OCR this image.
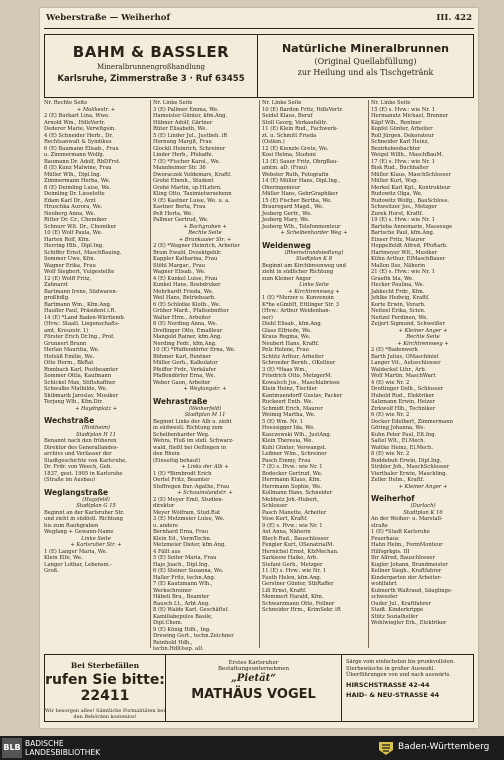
Weberstraße — Weiherhof	III. 422
BAHM & BASSLER
Mineralbrunnengroßhandlung
Karlsruhe, Zimmerstraße 3 · Ruf 63455
Natürliche Mineralbrunnen
(Original Quellabfüllung)
zur Heilung und als Tischgetränk
Nr. Rechte Seite
+ Molikestr. +
2 (E) Burkart Lina, Wwe.
Arnold Wm., HdlsVertr.
Dederer Marie, Verwltgsin.
4 (E) Schneider Herb., Dr.
Rechtsanwalt & Syndikus
6 (E) Baumann Elisab., Frau
u. Zimmermann Wolfg.
Baumann Dr. Adolf, RbDFrst.
8 (E) Kunz Malwine, Frau
Müller Wlh., Dipl.Ing.
Zimmermann Herba, We.
8 (E) Deimling Luise, We.
Deimling Dr. Lieselotte
Edam Karl Dr., Arzt
Hruschka Aurora, We.
Neuberg Anna, We.
Ritter Dr. Cr., Chemiker
Schnurr Wlt. Dr., Chemiker
10 (E) Wolf Paula, We.
Harten Rolf, Kfm.
Herring Hlb., Dipl.Ing.
Schiffer Ernst, MaschBauing.
Sommer Uwe, Kfm.
Wagner Erika, Frau
Wolf Siegbert, Vulgestellte
12 (E) Wolff Fritz,
Zahnarzt
Bartmann Irene, Südwaren-
großhdlg.
Bartmann Wm., Kfm.Ang.
Haufler Paul, Präsident i.R.
14 (E) *Land Baden-Württemb.
(Hvw.: Staatl. Liegenschafts-
amt, Kreuzstr. 1)
Förster Erich Dr.Ing., Prof.
Grunnert Brunn
Herlan Mauritia, We.
Hofsäß Emilie, We.
Otto Herm., BkRat
Rombach Karl, Postbeamter
Sommer Ottla, Kaufmann
Schickel Max, Stiftshaffner
Schwalbe Mathilde, We.
Skibmarik Jaroslav, Musiker
Terjung Wlh., Kfm.Dir.
+ Haydnplatz +
Wechstraße
(Rintheim)
Stadtplan H 11
Benannt nach den früheren
Direktor des Generallandes-
archivs und Verfasser der
Stadtgeschichte von Karlsruhe,
Dr. Frdr. von Weech, Geb.
1837, gest. 1905 in Karlsruhe
(Straße im Ausbau)
Weglangstraße
(Hagsfeld)
Stadtplan G 15
Beginnt an der Karlsruher Str.
und zieht in südöstl. Richtung
bis zum Rauhgraben
Wegfang + Gewann-Name
Linke Seite
+ Karlsruher Str. +
1 (E) Langer Maria, We.
Klein Elfe, We.
Langer Lothar, Lebensm.-
Groß.
Nr. Linke Seite
3 (E) Pallmer Emma, We.
Hameister Günter, kfm.Ang.
Hübner Adolf, Gärtner
Rüter Elisabeth, We.
5 (E) Linder Jul., Justbeh. iR
Hornung Margit, Frau
Glockli Heinrich, Schreiner
Linder Herb., Pfsbaffe.
7 (E) *Fischer Karol., We.
Mannheimer Str. 36
Dworaczek Voldemars, Kraftf.
Grohé Ebenh., Student
Grohé Martin, sp.HLehrn.
Kling Otto, Taximietwrsehenn
9 (E) Kastner Luise, We. u. a.
Kastner Berta, Frau
Pelt Herta, We.
Pallmer Gertrud, We.
+ Bachgraben +
Rechte Seite
+ Brunkaaier Str. +
2 (E) *Wagner Heinrich, Arbeiter
Bram Ewald, Dvosktgehlr.
Kappler Katharina, Frau
Stöhl Margar., Frau
Wagner Elisab., We.
4 (E) Kunkel Luise, Frau
Kunkel Hans, Bosbdruker
Mohrhardt Frieda, We.
Weil Hans, Betriebsarb.
6 (E) Schlotke Klotb., We.
Grüber Marit., Pfaflsebnitter
Walter Hrm., Arbeiter
8 (E) Nerding Anna, We.
Dreflinger Otto, Emailleur
Mangold Rainer, kfm.Ang.
Nerding Fedr., kfm.Ang.
10 (E) *Pfaffendörfer Erna, We.
Böhmer Karl, Rentner
Müller Gerh., Kalkulator
Pfeiffer Frdr., Verkäufer
Pfaffendörfer Erna, We.
Weber Gaon, Arbeiter
+ Weglangstr. +
Wehrastraße
(Weiherfeld)
Stadtplan M 11
Beginnt Links der Alb u. zieht
in südwestl. Richtung zum
Scheibenharder Weg.
Wehra, Fluß im südl. Schwarz-
wald, fließt bei Oeflingen in
den Rhein
(Einseitig behaut)
+ Links der Alb +
1 (E) *Birnbrodt Erich
Oertel Fritz, Beamter
Stoffregen Bur.-Agathe, Frau
+ Schauinslandstr. +
2 (E) Meyer Emil, Studien-
direktor
Meyer Wolfram, Stud.Rat
3 (E) Metzmeier Luise, We.
u. andere
Bernhard Erna, Frau
Klein Ed., VermTechn.
Metzmeier Dieter, kfm.Ang.
4 Fällt aus
5 (E) Seiter Maria, Frau
Haje Joach., Dipl.Ing.
6 (E) Steiner Susanna, We.
Haller Fritz, techn.Ang.
7 (E) Kautzmann Wlh.,
Werkschreiner
Häbeli Bru., Beamter
Rausch Lt., Arbt.Ang.
8 (E) Walde Karl, Geschäftsf.
Kamillabepulos Basile,
Dipl.Chem.
9 (E) König Hdh., Ing.
Drewing Gert., techn.Zeichner
Reinhold Hdh.,
techn.HdlOssp. aD.
Nr. Linke Seite
10 (E) Bardon Fritz, HdlsVertr.
Seidel Klaus, Beruf
Stoll Georg, Verkaufslitr.
11 (E) Klein Rud., Fachwerk-
zt. u. Schmitt Frieda
(Ostkm.)
12 (E) Kienzle Grete, We.
Kosi Helma, Studeni
13 (E) Sauer Fritz, ObrgBau-
amtm. aD. (Frau)
Webster Ruth, Fotografin
14 (E) Müller Hans, Dipl.Ing.,
Oberingenieur
Müller Hans, GebrGraphiker
15 (E) Fischer Bertha, We.
Brauregard Magd., We.
Jesberg Gertr., We.
Jesberg Mary, We.
Jesberg Wlh., Telefonmonteur
+ Scheibenharder Weg +
Weidenweg
(Rheinstrandsiedlung)
Stadtplan K 8
Beginnt am Kirchbreenweg und
zieht in südlicher Richtung
zum Kleiner Anger
Linke Seite
+ Kirchtrennweg +
1 (E) *Merzer o. Konvenoin
K*he eGmbH, Ettlinger Str. 3
(Hvw.: Artbur Weidenhan-
ner)
Diehl Elisab., kfm.Ang.
Glass Elfriede, We.
Kraus Regina, We.
Neubert Hans, Kraftf.
Pelz Helene, Frau
Schütz Arthur, Arbeiter
Schroeder Bernh., OKellner
3 (E) *Haas Wm.,
Friedrich Otto, MetzgerM.
Kowalsch Jos., Maschlabriese
Klein Heinz, Tischler
Kantmuendorff Gustav, Packer
Ruckeert Enth. We.
Schmidt Erich, Maurer
Weimig Martha, We.
5 (E) Wm. Nr. 1
Hoessigger Ida, We.
Kasczewski Wlh., JustAng.
Klein Theresia, We.
Kuhl Günter, Verwangst.
Leibner Wlm., Schreiner
Pasch Emmy, Frau
7 (E) s. Hvw.: wie Nr. 1
Bodecker Gertrud, We.
Herrmann Klaus, Kfm.
Herrmann Sophie, We.
Kollmann Hans, Schneider
Mebholz Joh.-Hubert,
Schlosser
Pasch Manette, Arbeiter
Vose Kurt, Kraftf.
9 (E) s. Hvw.: wie Nr. 1
Axt Anna, Näherin
Blech Rud., Bauschlosser
Fengler Kurt, OSenatrialM.
Hernichel Ernst, KfzMechan.
Sarkisow Haiko, Arb.
Stefani Gerh., Metzger
11 (E) s. Hvw.: wie Nr. 1
Fauth Helen, kfm.Ang.
Gerstner Günter, StbRaffer
Lill Ernst, Kraftf.
Mommert Harald, Kfm.
Schwarzmann Otto, Fellner
Schneider Hrm., KrimSekr. iR
Nr. Linke Seite
15 (E) s. Hvw.: wie Nr. 1
Hermanutz Michael, Brenner
Käpf Wlh., Rentner
Kopfel Günter, Arbeiter
Roll Jürgen, Dekorateur
Schneider Karl Heinz,
Bezirksbeobachter
Weigel Willh., MaschBauM.
17 (E) s. Hvw.: wie Nr. 1
Bisk Rud., Buchhalter
Müller Klaus, MaschSchlosser
Müller Kurt, Wsp.
Merkel Karl Kpt., Kontrukteur
Rudowitz Olga, We.
Rudowitz Wolfg., BauSchloss.
Schweitzer Jos., Metzger
Zurek Horst, Kraftf.
19 (E) s. Hvw.: wie Nr. 1
Barteba Annemarie, Masseuge
Bartsche Paul, kfm.Ang.
Einser Fritz, Maurer
Hoppelfeldt Alfred, PPoftarb.
Hartmeyer Wlt., Musiker
Kühn Arthur, ElMaschBauer
Mallon Ilse, Näherin
21 (E) s. Hvw.: wie Nr. 1
Graefln Ida, We.
Hecker Paulina, We.
Jabkecht Frdr., Kfm.
Jehlke Hedwig, Kraftf.
Korte Erwin, Vorarb.
Neiteel Erika, Scien.
Neitzel Ferdinen, We.
Zeijert Sigmund, Schweißer
+ Kleiner Anger +
Rechte Seite
+ Kirchtrennweg +
2 (E) *Badenwerk
Barth Julius, OMaschinist
Langer Vit., Autoschlosser
Waldeckel Lthr., Arb.
Wolf Martin, MaschWart
4 (E) wie Nr. 2
Drottinger Dolh., Schlosser
Hubold Rud., Elektriker
Salzmann Erwin, Heizer
Zirkwolf Hlh., Techniker
6 (E) wie Nr. 2
Decker Edelbert, Zimmermann
Göring Johanna, We.
Kuhn Peter Paul, Elt.Ing.
Saltel Wlt., El.Mech.
Wattke Heinz, El.Mech.
8 (E) wie Nr. 2
Buddebuh Erwin, Dipl.Ing.
Stribler Joh., MaschSchlosser
Vierthaler Erwin, Maschling.
Zeller Helm., Kraftf.
+ Kleiner Anger +
Weiherhof
(Durlach)
Stadtplan K 16
An der Weiher- u. Marstall-
straße
1 (E) *Stadt Karlsruhe
Feuerhaus
Hahn Helm., FormMonteur
Hilfsgrkgis. III
Ihr Alfred, Bauschlosser
Kugler Johann, Brandmeister
Kellner Siegh., Kraftfahrer
Kindergarten der Arbeiter-
wohlfahrt
Kubnerth Waltraud, Säuglings-
schwester
Ouder Jul., Kraftfahrer
Stadt. Kinderkrippe
Stütz Sozialhelfer
Wohlwiegler Erk., Elektriker
Bei Sterbefällen
rufen Sie bitte: 22411
Wir besorgen alles! Sämtliche Formalitäten bei den Behörden kostenlos!
Erstes Karlsruher
Bestattungsunternehmen
„Pietät“
MATHÄUS VOGEL
Särge vom einfachsten bis prunkvollsten. Sterbewäsche in großer Auswahl. Überführungen von und nach auswärts.
HIRSCHSTRASSE 42-44
HAID- & NEU-STRASSE 44
BLB BADISCHE
LANDESBIBLIOTHEK
Baden-Württemberg
